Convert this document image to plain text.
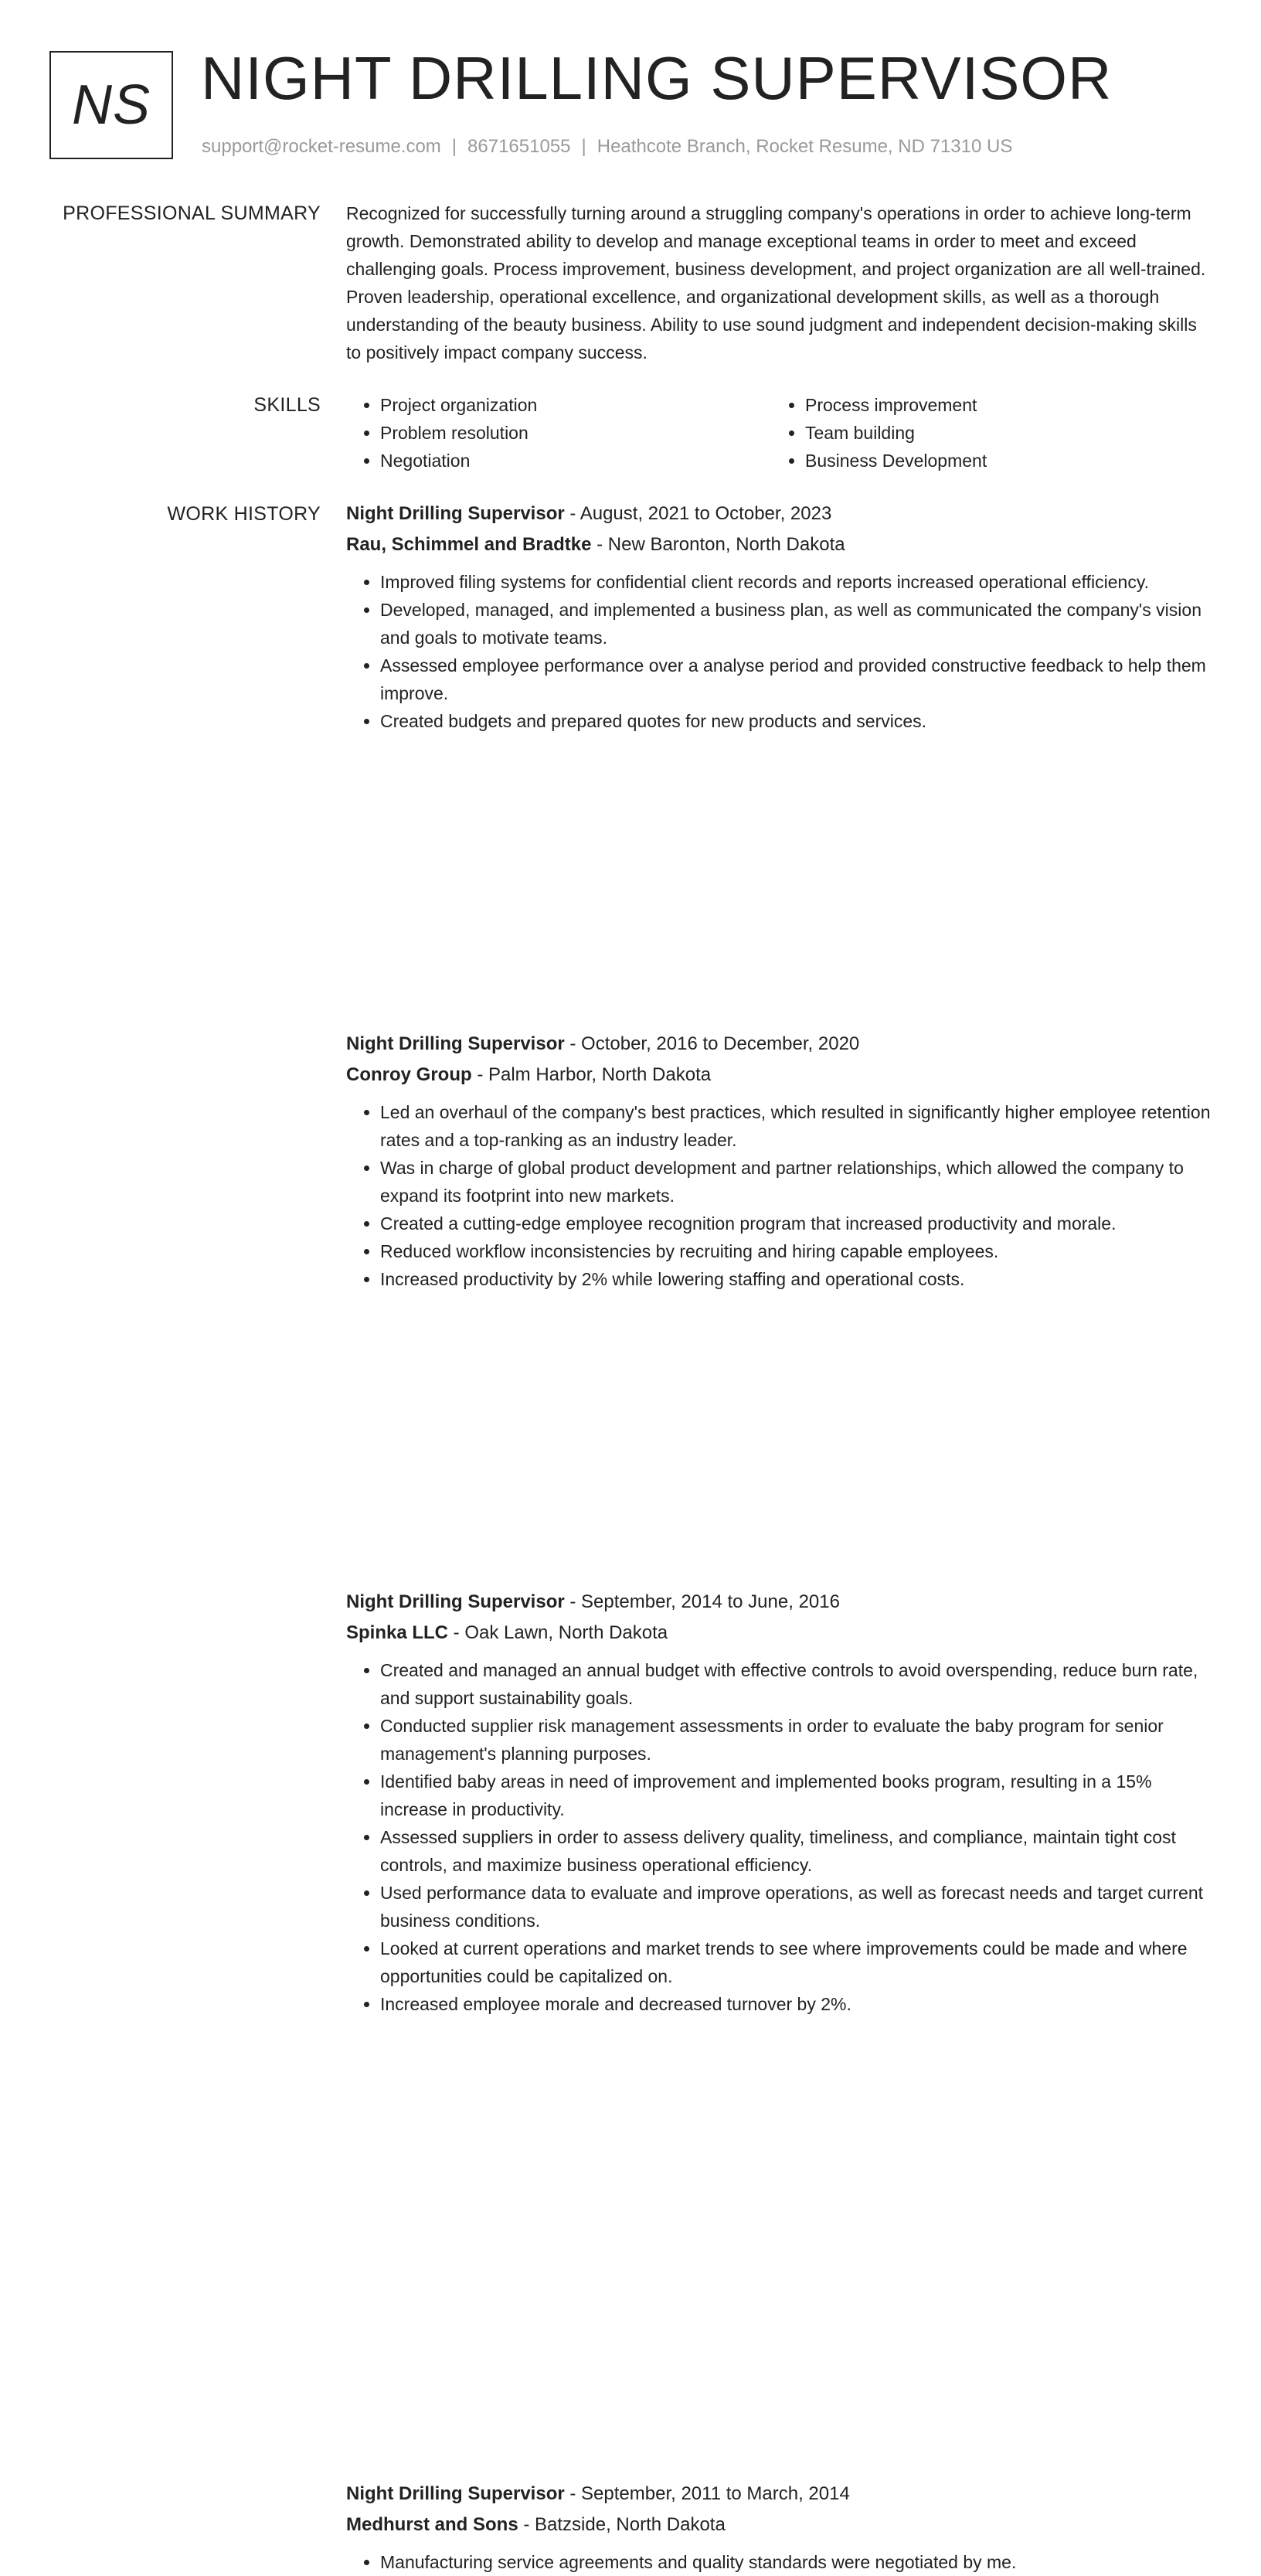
NS NIGHT DRILLING SUPERVISOR
support@rocket-resume.com | 8671651055 | Heathcote Branch, Rocket Resume, ND 71310 US
PROFESSIONAL SUMMARY Recognized for successfully turning around a struggling company's operations in order to achieve long-term growth. Demonstrated ability to develop and manage exceptional teams in order to meet and exceed challenging goals. Process improvement, business development, and project organization are all well-trained. Proven leadership, operational excellence, and organizational development skills, as well as a thorough understanding of the beauty business. Ability to use sound judgment and independent decision-making skills to positively impact company success.

SKILLS
•	Project organization
• Problem resolution
• Negotiation
• Process improvement
• Team building
• Business Development
WORK HISTORY Night Drilling Supervisor - August, 2021 to October, 2023
Rau, Schimmel and Bradtke - New Baronton, North Dakota
• Improved filing systems for confidential client records and reports increased operational efficiency.
• Developed, managed, and implemented a business plan, as well as communicated the company's vision and goals to motivate teams.
• Assessed employee performance over a analyse period and provided constructive feedback to help them improve.
• Created budgets and prepared quotes for new products and services.
Night Drilling Supervisor - October, 2016 to December, 2020
Conroy Group - Palm Harbor, North Dakota
• Led an overhaul of the company's best practices, which resulted in significantly higher employee retention rates and a top-ranking as an industry leader.
• Was in charge of global product development and partner relationships, which allowed the company to expand its footprint into new markets.
• Created a cutting-edge employee recognition program that increased productivity and morale.
• Reduced workflow inconsistencies by recruiting and hiring capable employees.
• Increased productivity by 2% while lowering staffing and operational costs.
Night Drilling Supervisor - September, 2014 to June, 2016
Spinka LLC - Oak Lawn, North Dakota
• Created and managed an annual budget with effective controls to avoid overspending, reduce burn rate, and support sustainability goals.
• Conducted supplier risk management assessments in order to evaluate the baby program for senior management's planning purposes.
• Identified baby areas in need of improvement and implemented books program, resulting in a 15% increase in productivity.
• Assessed suppliers in order to assess delivery quality, timeliness, and compliance, maintain tight cost controls, and maximize business operational efficiency.
• Used performance data to evaluate and improve operations, as well as forecast needs and target current business conditions.
• Looked at current operations and market trends to see where improvements could be made and where opportunities could be capitalized on.
• Increased employee morale and decreased turnover by 2%.
Night Drilling Supervisor - September, 2011 to March, 2014
Medhurst and Sons - Batzside, North Dakota
• Manufacturing service agreements and quality standards were negotiated by me.
